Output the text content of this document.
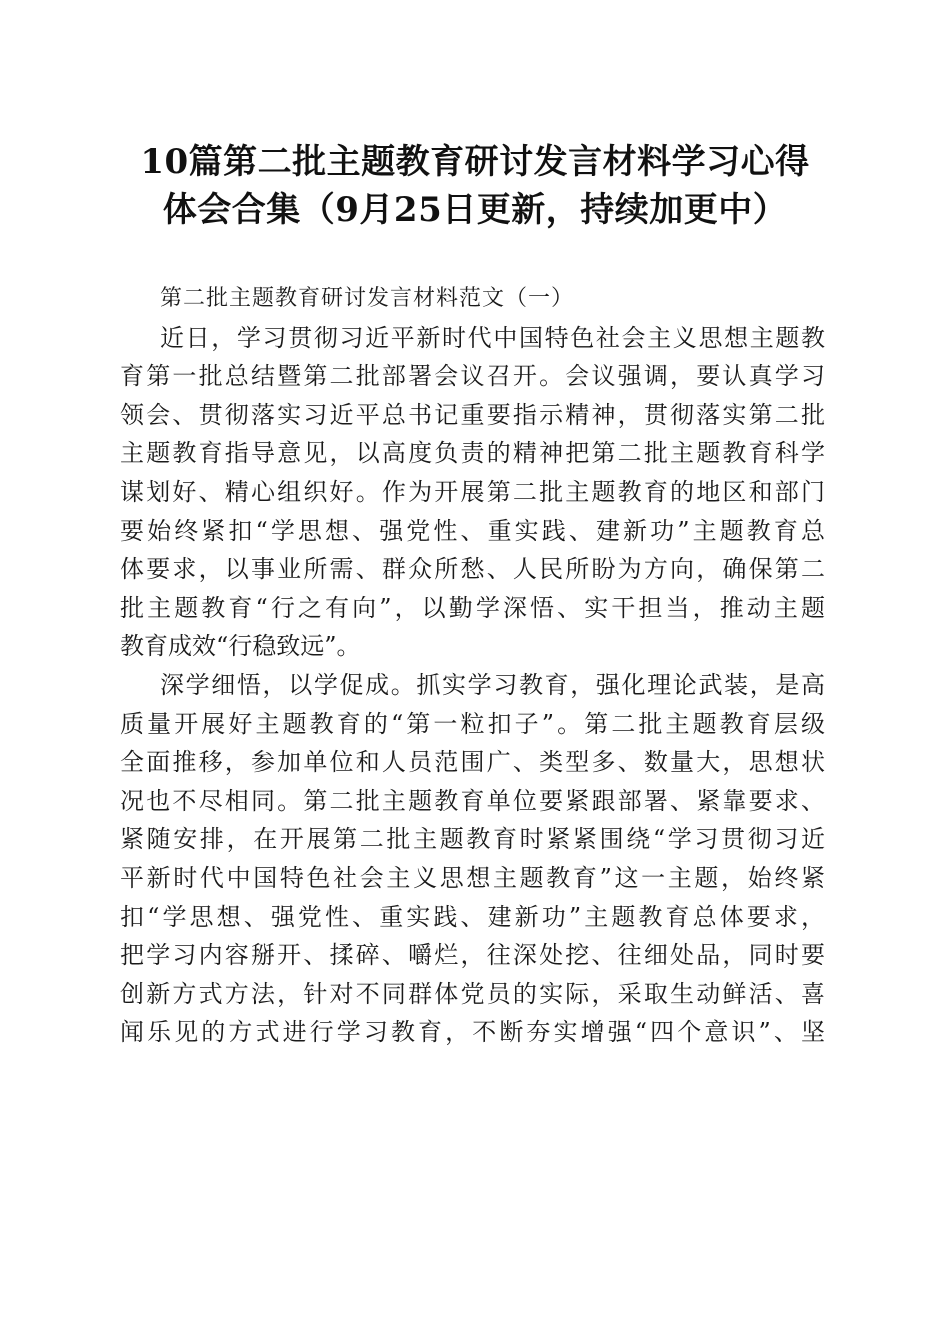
10篇第二批主题教育研讨发言材料学习心得
体会合集（9月25日更新，持续加更中）
第二批主题教育研讨发言材料范文（一）
近日，学习贯彻习近平新时代中国特色社会主义思想主题教
育第一批总结暨第二批部署会议召开。会议强调，要认真学习
领会、贯彻落实习近平总书记重要指示精神，贯彻落实第二批
主题教育指导意见，以高度负责的精神把第二批主题教育科学
谋划好、精心组织好。作为开展第二批主题教育的地区和部门
要始终紧扣“学思想、强党性、重实践、建新功”主题教育总
体要求，以事业所需、群众所愁、人民所盼为方向，确保第二
批主题教育“行之有向”，以勤学深悟、实干担当，推动主题
教育成效“行稳致远”。
深学细悟，以学促成。抓实学习教育，强化理论武装，是高
质量开展好主题教育的“第一粒扣子”。第二批主题教育层级
全面推移，参加单位和人员范围广、类型多、数量大，思想状
况也不尽相同。第二批主题教育单位要紧跟部署、紧靠要求、
紧随安排，在开展第二批主题教育时紧紧围绕“学习贯彻习近
平新时代中国特色社会主义思想主题教育”这一主题，始终紧
扣“学思想、强党性、重实践、建新功”主题教育总体要求，
把学习内容掰开、揉碎、嚼烂，往深处挖、往细处品，同时要
创新方式方法，针对不同群体党员的实际，采取生动鲜活、喜
闻乐见的方式进行学习教育，不断夯实增强“四个意识”、坚
